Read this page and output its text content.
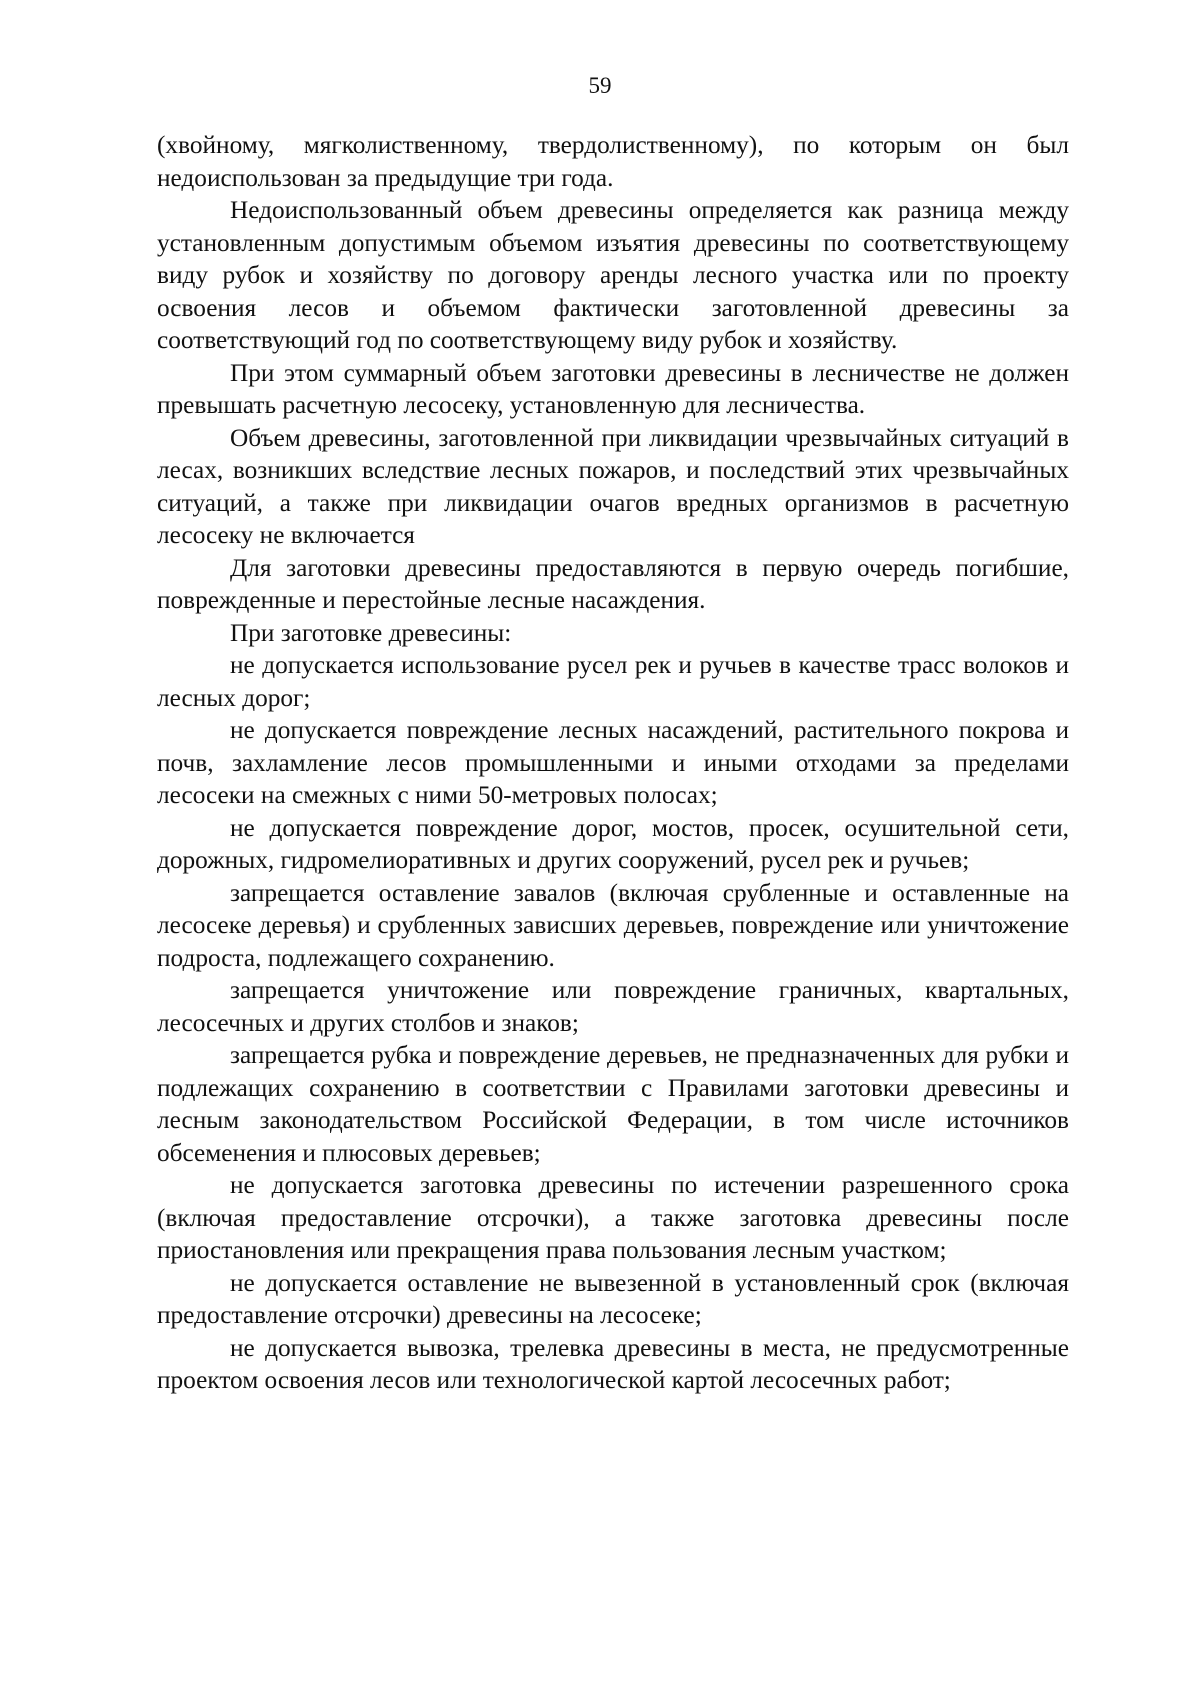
59

(хвойному, мягколиственному, твердолиственному), по которым он был недоиспользован за предыдущие три года.

Недоиспользованный объем древесины определяется как разница между установленным допустимым объемом изъятия древесины по соответствующему виду рубок и хозяйству по договору аренды лесного участка или по проекту освоения лесов и объемом фактически заготовленной древесины за соответствующий год по соответствующему виду рубок и хозяйству.

При этом суммарный объем заготовки древесины в лесничестве не должен превышать расчетную лесосеку, установленную для лесничества.

Объем древесины, заготовленной при ликвидации чрезвычайных ситуаций в лесах, возникших вследствие лесных пожаров, и последствий этих чрезвычайных ситуаций, а также при ликвидации очагов вредных организмов в расчетную лесосеку не включается

Для заготовки древесины предоставляются в первую очередь погибшие, поврежденные и перестойные лесные насаждения.

При заготовке древесины:

не допускается использование русел рек и ручьев в качестве трасс волоков и лесных дорог;

не допускается повреждение лесных насаждений, растительного покрова и почв, захламление лесов промышленными и иными отходами за пределами лесосеки на смежных с ними 50-метровых полосах;

не допускается повреждение дорог, мостов, просек, осушительной сети, дорожных, гидромелиоративных и других сооружений, русел рек и ручьев;

запрещается оставление завалов (включая срубленные и оставленные на лесосеке деревья) и срубленных зависших деревьев, повреждение или уничтожение подроста, подлежащего сохранению.

запрещается уничтожение или повреждение граничных, квартальных, лесосечных и других столбов и знаков;

запрещается рубка и повреждение деревьев, не предназначенных для рубки и подлежащих сохранению в соответствии с Правилами заготовки древесины и лесным законодательством Российской Федерации, в том числе источников обсеменения и плюсовых деревьев;

не допускается заготовка древесины по истечении разрешенного срока (включая предоставление отсрочки), а также заготовка древесины после приостановления или прекращения права пользования лесным участком;

не допускается оставление не вывезенной в установленный срок (включая предоставление отсрочки) древесины на лесосеке;

не допускается вывозка, трелевка древесины в места, не предусмотренные проектом освоения лесов или технологической картой лесосечных работ;
